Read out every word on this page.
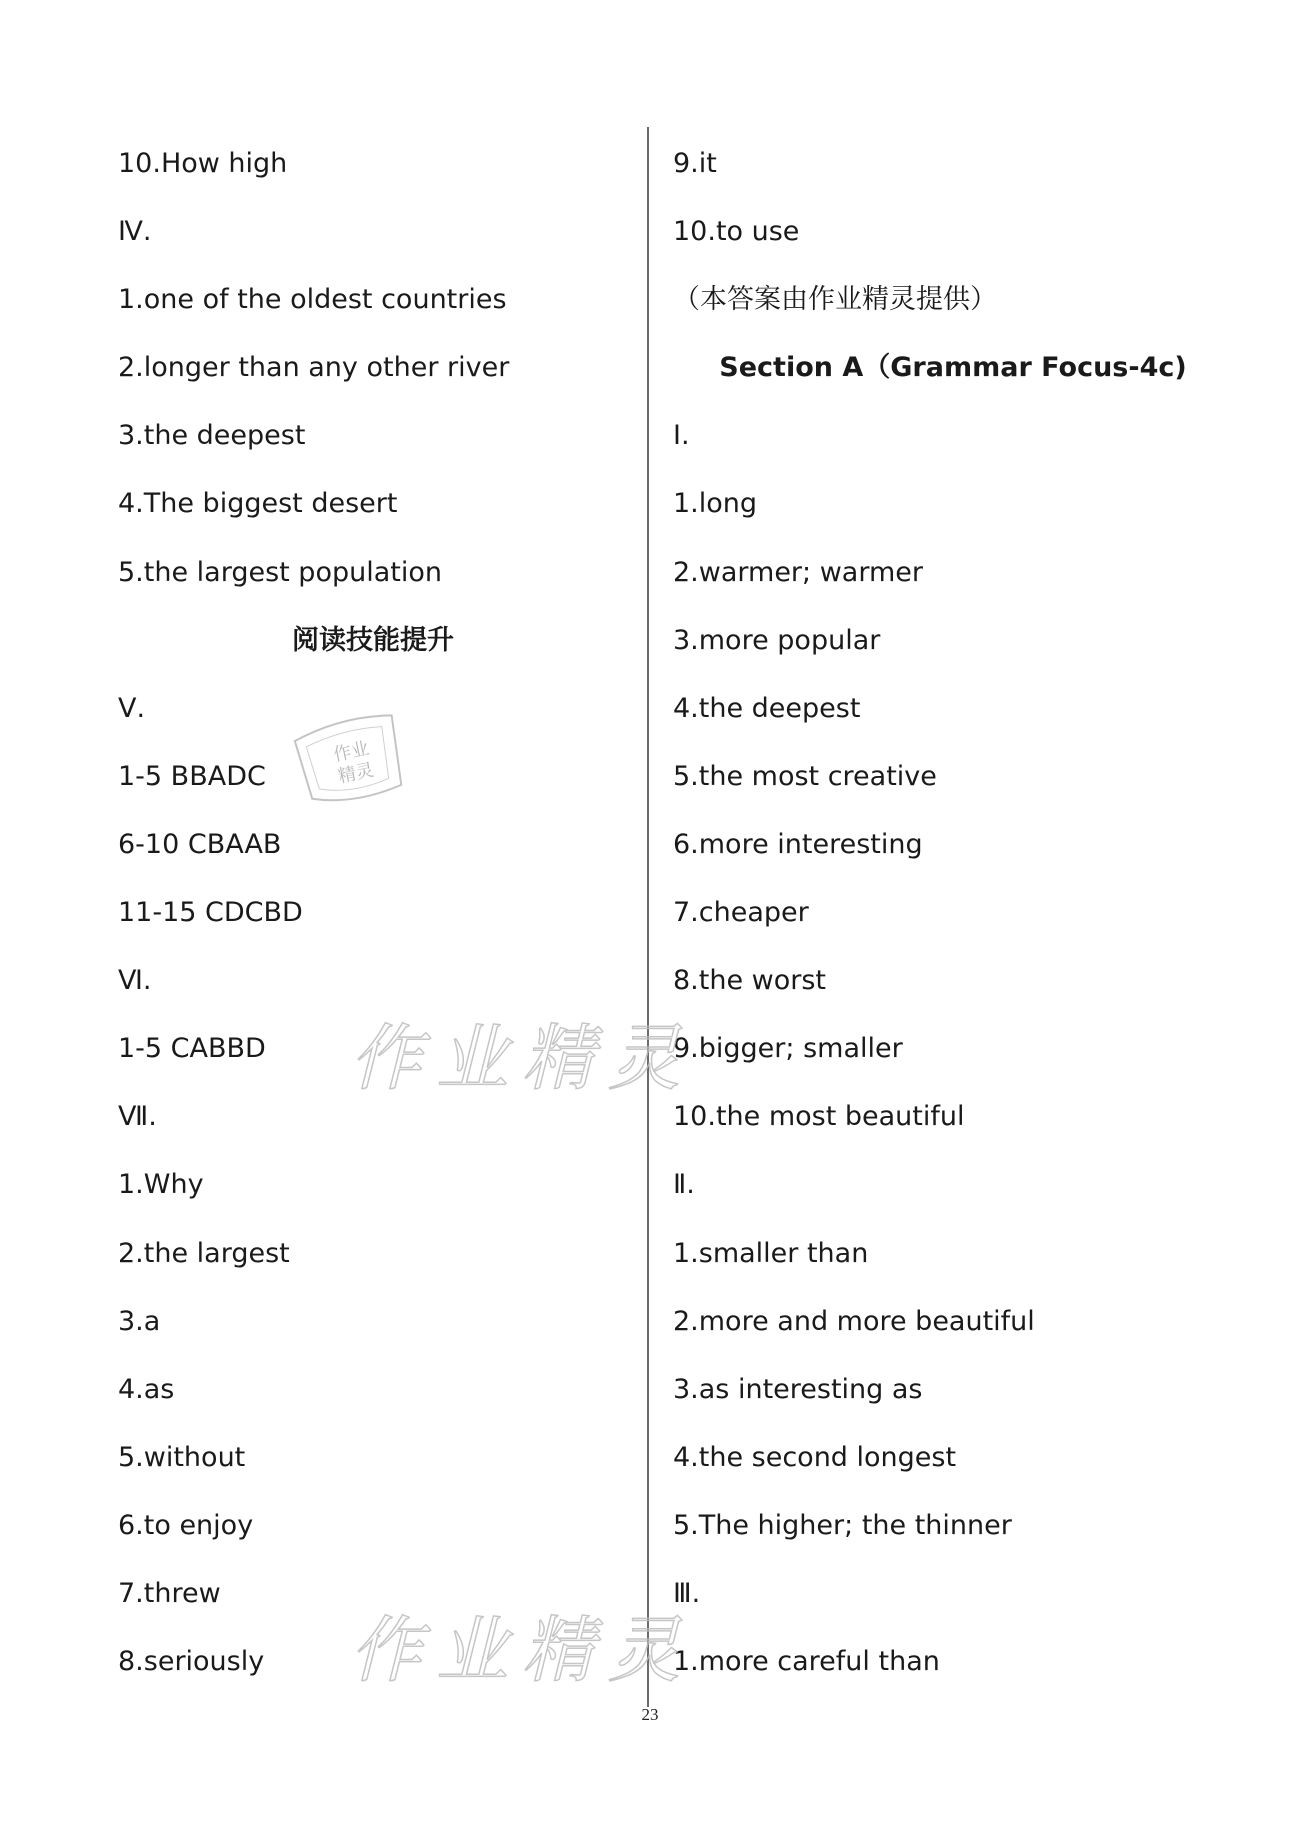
10.How high
Ⅳ.
1.one of the oldest countries
2.longer than any other river
3.the deepest
4.The biggest desert
5.the largest population
阅读技能提升
Ⅴ.
1-5 BBADC
6-10 CBAAB
11-15 CDCBD
Ⅵ.
1-5 CABBD
Ⅶ.
1.Why
2.the largest
3.a
4.as
5.without
6.to enjoy
7.threw
8.seriously
9.it
10.to use
（本答案由作业精灵提供）
Section A（Grammar Focus-4c)
Ⅰ.
1.long
2.warmer; warmer
3.more popular
4.the deepest
5.the most creative
6.more interesting
7.cheaper
8.the worst
9.bigger; smaller
10.the most beautiful
Ⅱ.
1.smaller than
2.more and more beautiful
3.as interesting as
4.the second longest
5.The higher; the thinner
Ⅲ.
1.more careful than
作业
精灵
作业精灵
作业精灵
23
